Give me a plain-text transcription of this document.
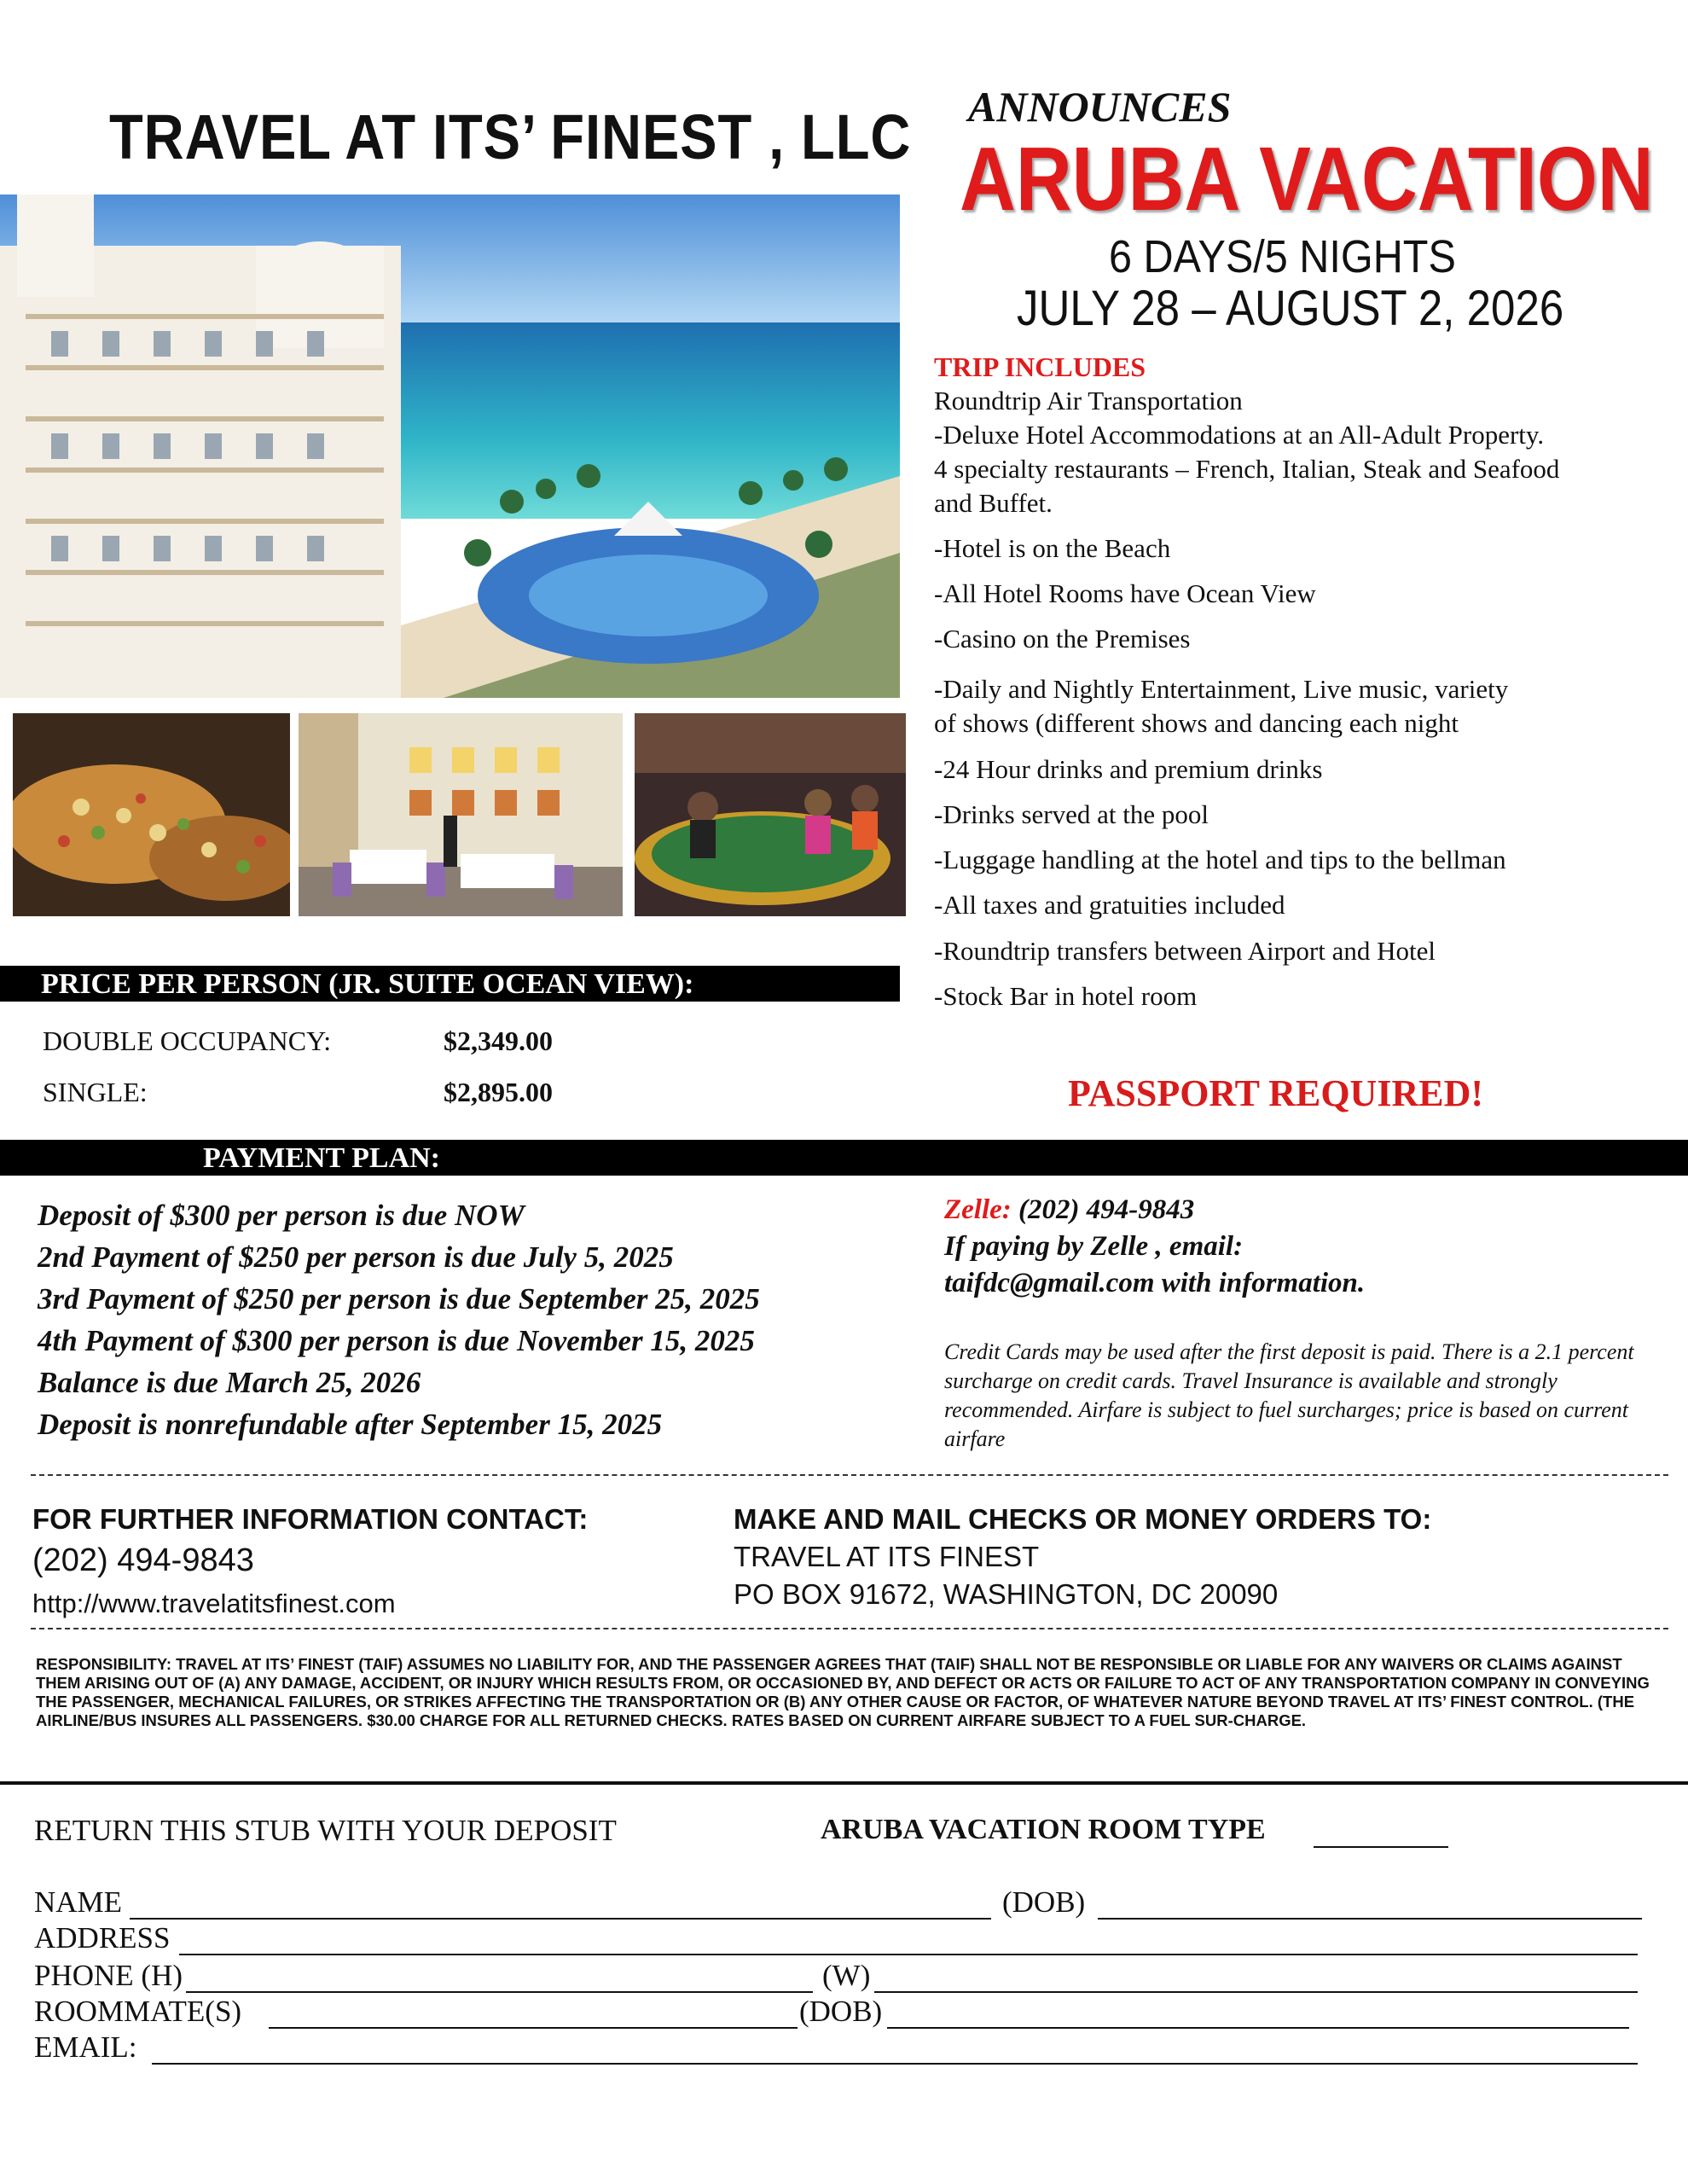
TRAVEL AT ITS’ FINEST , LLC ANNOUNCES
ARUBA VACATION
6 DAYS/5 NIGHTS
JULY 28 – AUGUST 2, 2026
TRIP INCLUDES
Roundtrip Air Transportation
-Deluxe Hotel Accommodations at an All-Adult Property.
4 specialty restaurants – French, Italian, Steak and Seafood
and Buffet.
-Hotel is on the Beach
-All Hotel Rooms have Ocean View
-Casino on the Premises
-Daily and Nightly Entertainment, Live music, variety
of shows (different shows and dancing each night
-24 Hour drinks and premium drinks
-Drinks served at the pool
-Luggage handling at the hotel and tips to the bellman
-All taxes and gratuities included
-Roundtrip transfers between Airport and Hotel
-Stock Bar in hotel room
PRICE PER PERSON (JR. SUITE OCEAN VIEW):
DOUBLE OCCUPANCY:	$2,349.00
SINGLE:	$2,895.00	PASSPORT REQUIRED!
PAYMENT PLAN:
Deposit of $300 per person is due NOW
2nd Payment of $250 per person is due July 5, 2025
3rd Payment of $250 per person is due September 25, 2025
4th Payment of $300 per person is due November 15, 2025
Balance is due March 25, 2026
Deposit is nonrefundable after September 15, 2025
Zelle: (202) 494-9843
If paying by Zelle , email:
taifdc@gmail.com with information.
Credit Cards may be used after the first deposit is paid. There is a 2.1 percent surcharge on credit cards. Travel Insurance is available and strongly recommended. Airfare is subject to fuel surcharges; price is based on current airfare
FOR FURTHER INFORMATION CONTACT:
(202) 494-9843
http://www.travelatitsfinest.com
MAKE AND MAIL CHECKS OR MONEY ORDERS TO:
TRAVEL AT ITS FINEST
PO BOX 91672, WASHINGTON, DC 20090
RESPONSIBILITY: TRAVEL AT ITS’ FINEST (TAIF) ASSUMES NO LIABILITY FOR, AND THE PASSENGER AGREES THAT (TAIF) SHALL NOT BE RESPONSIBLE OR LIABLE FOR ANY WAIVERS OR CLAIMS AGAINST THEM ARISING OUT OF (A) ANY DAMAGE, ACCIDENT, OR INJURY WHICH RESULTS FROM, OR OCCASIONED BY, AND DEFECT OR ACTS OR FAILURE TO ACT OF ANY TRANSPORTATION COMPANY IN CONVEYING THE PASSENGER, MECHANICAL FAILURES, OR STRIKES AFFECTING THE TRANSPORTATION OR (B) ANY OTHER CAUSE OR FACTOR, OF WHATEVER NATURE BEYOND TRAVEL AT ITS’ FINEST CONTROL. (THE AIRLINE/BUS INSURES ALL PASSENGERS. $30.00 CHARGE FOR ALL RETURNED CHECKS. RATES BASED ON CURRENT AIRFARE SUBJECT TO A FUEL SUR-CHARGE.
RETURN THIS STUB WITH YOUR DEPOSIT	ARUBA VACATION ROOM TYPE
NAME	(DOB)
ADDRESS
PHONE (H)	(W)
ROOMMATE(S)	(DOB)
EMAIL:
